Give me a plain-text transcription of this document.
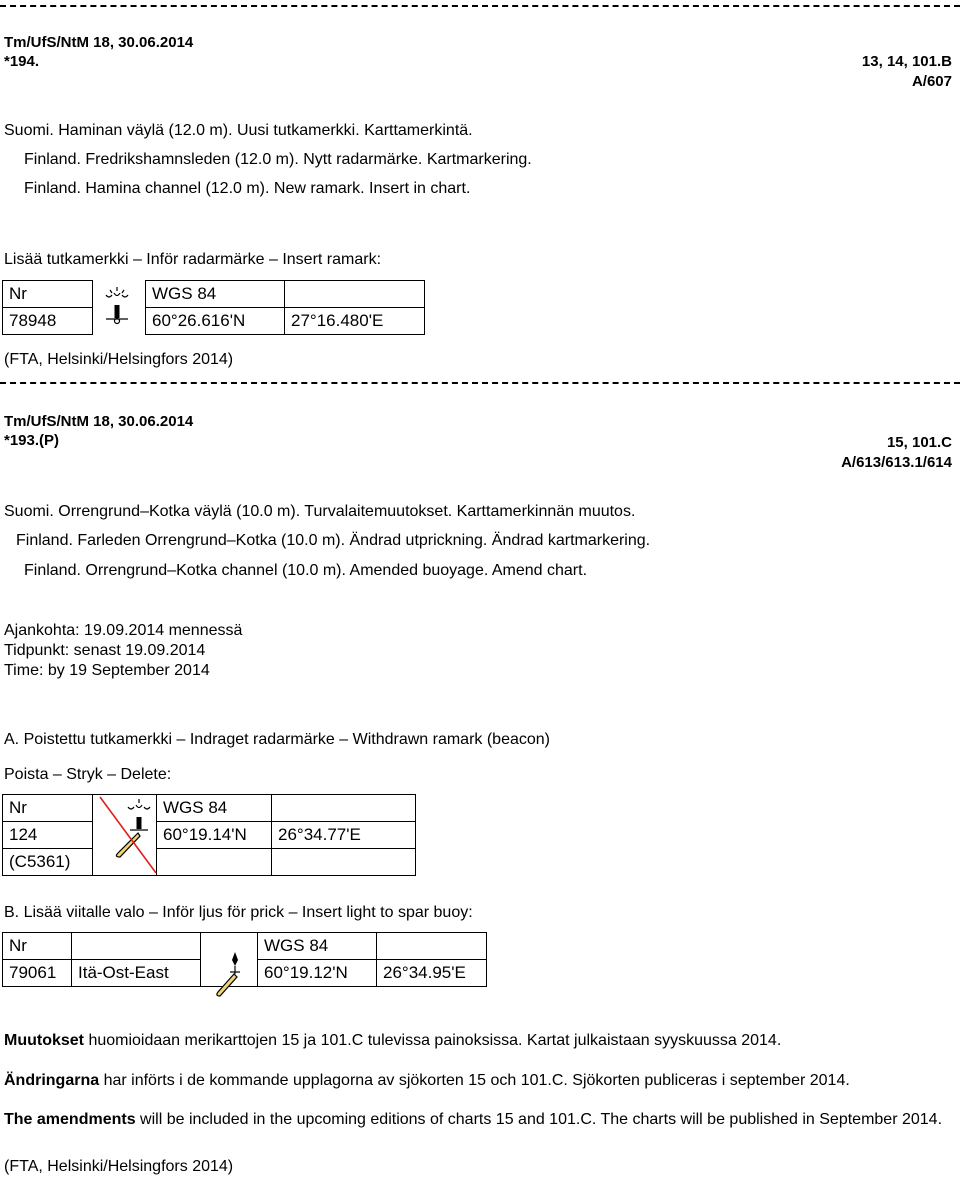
Tm/UfS/NtM 18, 30.06.2014
*194.	13, 14, 101.B
A/607
Suomi. Haminan väylä (12.0 m). Uusi tutkamerkki. Karttamerkintä.
Finland. Fredrikshamnsleden (12.0 m). Nytt radarmärke. Kartmarkering.
Finland. Hamina channel (12.0 m). New ramark. Insert in chart.
Lisää tutkamerkki – Inför radarmärke – Insert ramark:
Nr		WGS 84	
78948		60°26.616'N	27°16.480'E
(FTA, Helsinki/Helsingfors 2014)
Tm/UfS/NtM 18, 30.06.2014
*193.(P)	15, 101.C
A/613/613.1/614
Suomi. Orrengrund–Kotka väylä (10.0 m). Turvalaitemuutokset. Karttamerkinnän muutos.
Finland. Farleden Orrengrund–Kotka (10.0 m). Ändrad utprickning. Ändrad kartmarkering.
Finland. Orrengrund–Kotka channel (10.0 m). Amended buoyage. Amend chart.
Ajankohta: 19.09.2014 mennessä
Tidpunkt: senast 19.09.2014
Time: by 19 September 2014
A. Poistettu tutkamerkki – Indraget radarmärke – Withdrawn ramark (beacon)
Poista – Stryk – Delete:
Nr		WGS 84	
124		60°19.14'N	26°34.77'E
(C5361)			
B. Lisää viitalle valo – Inför ljus för prick – Insert light to spar buoy:
Nr			WGS 84	
79061	Itä-Ost-East		60°19.12'N	26°34.95'E
Muutokset huomioidaan merikarttojen 15 ja 101.C tulevissa painoksissa. Kartat julkaistaan syyskuussa 2014.
Ändringarna har införts i de kommande upplagorna av sjökorten 15 och 101.C. Sjökorten publiceras i september 2014.
The amendments will be included in the upcoming editions of charts 15 and 101.C. The charts will be published in September 2014.
(FTA, Helsinki/Helsingfors 2014)
